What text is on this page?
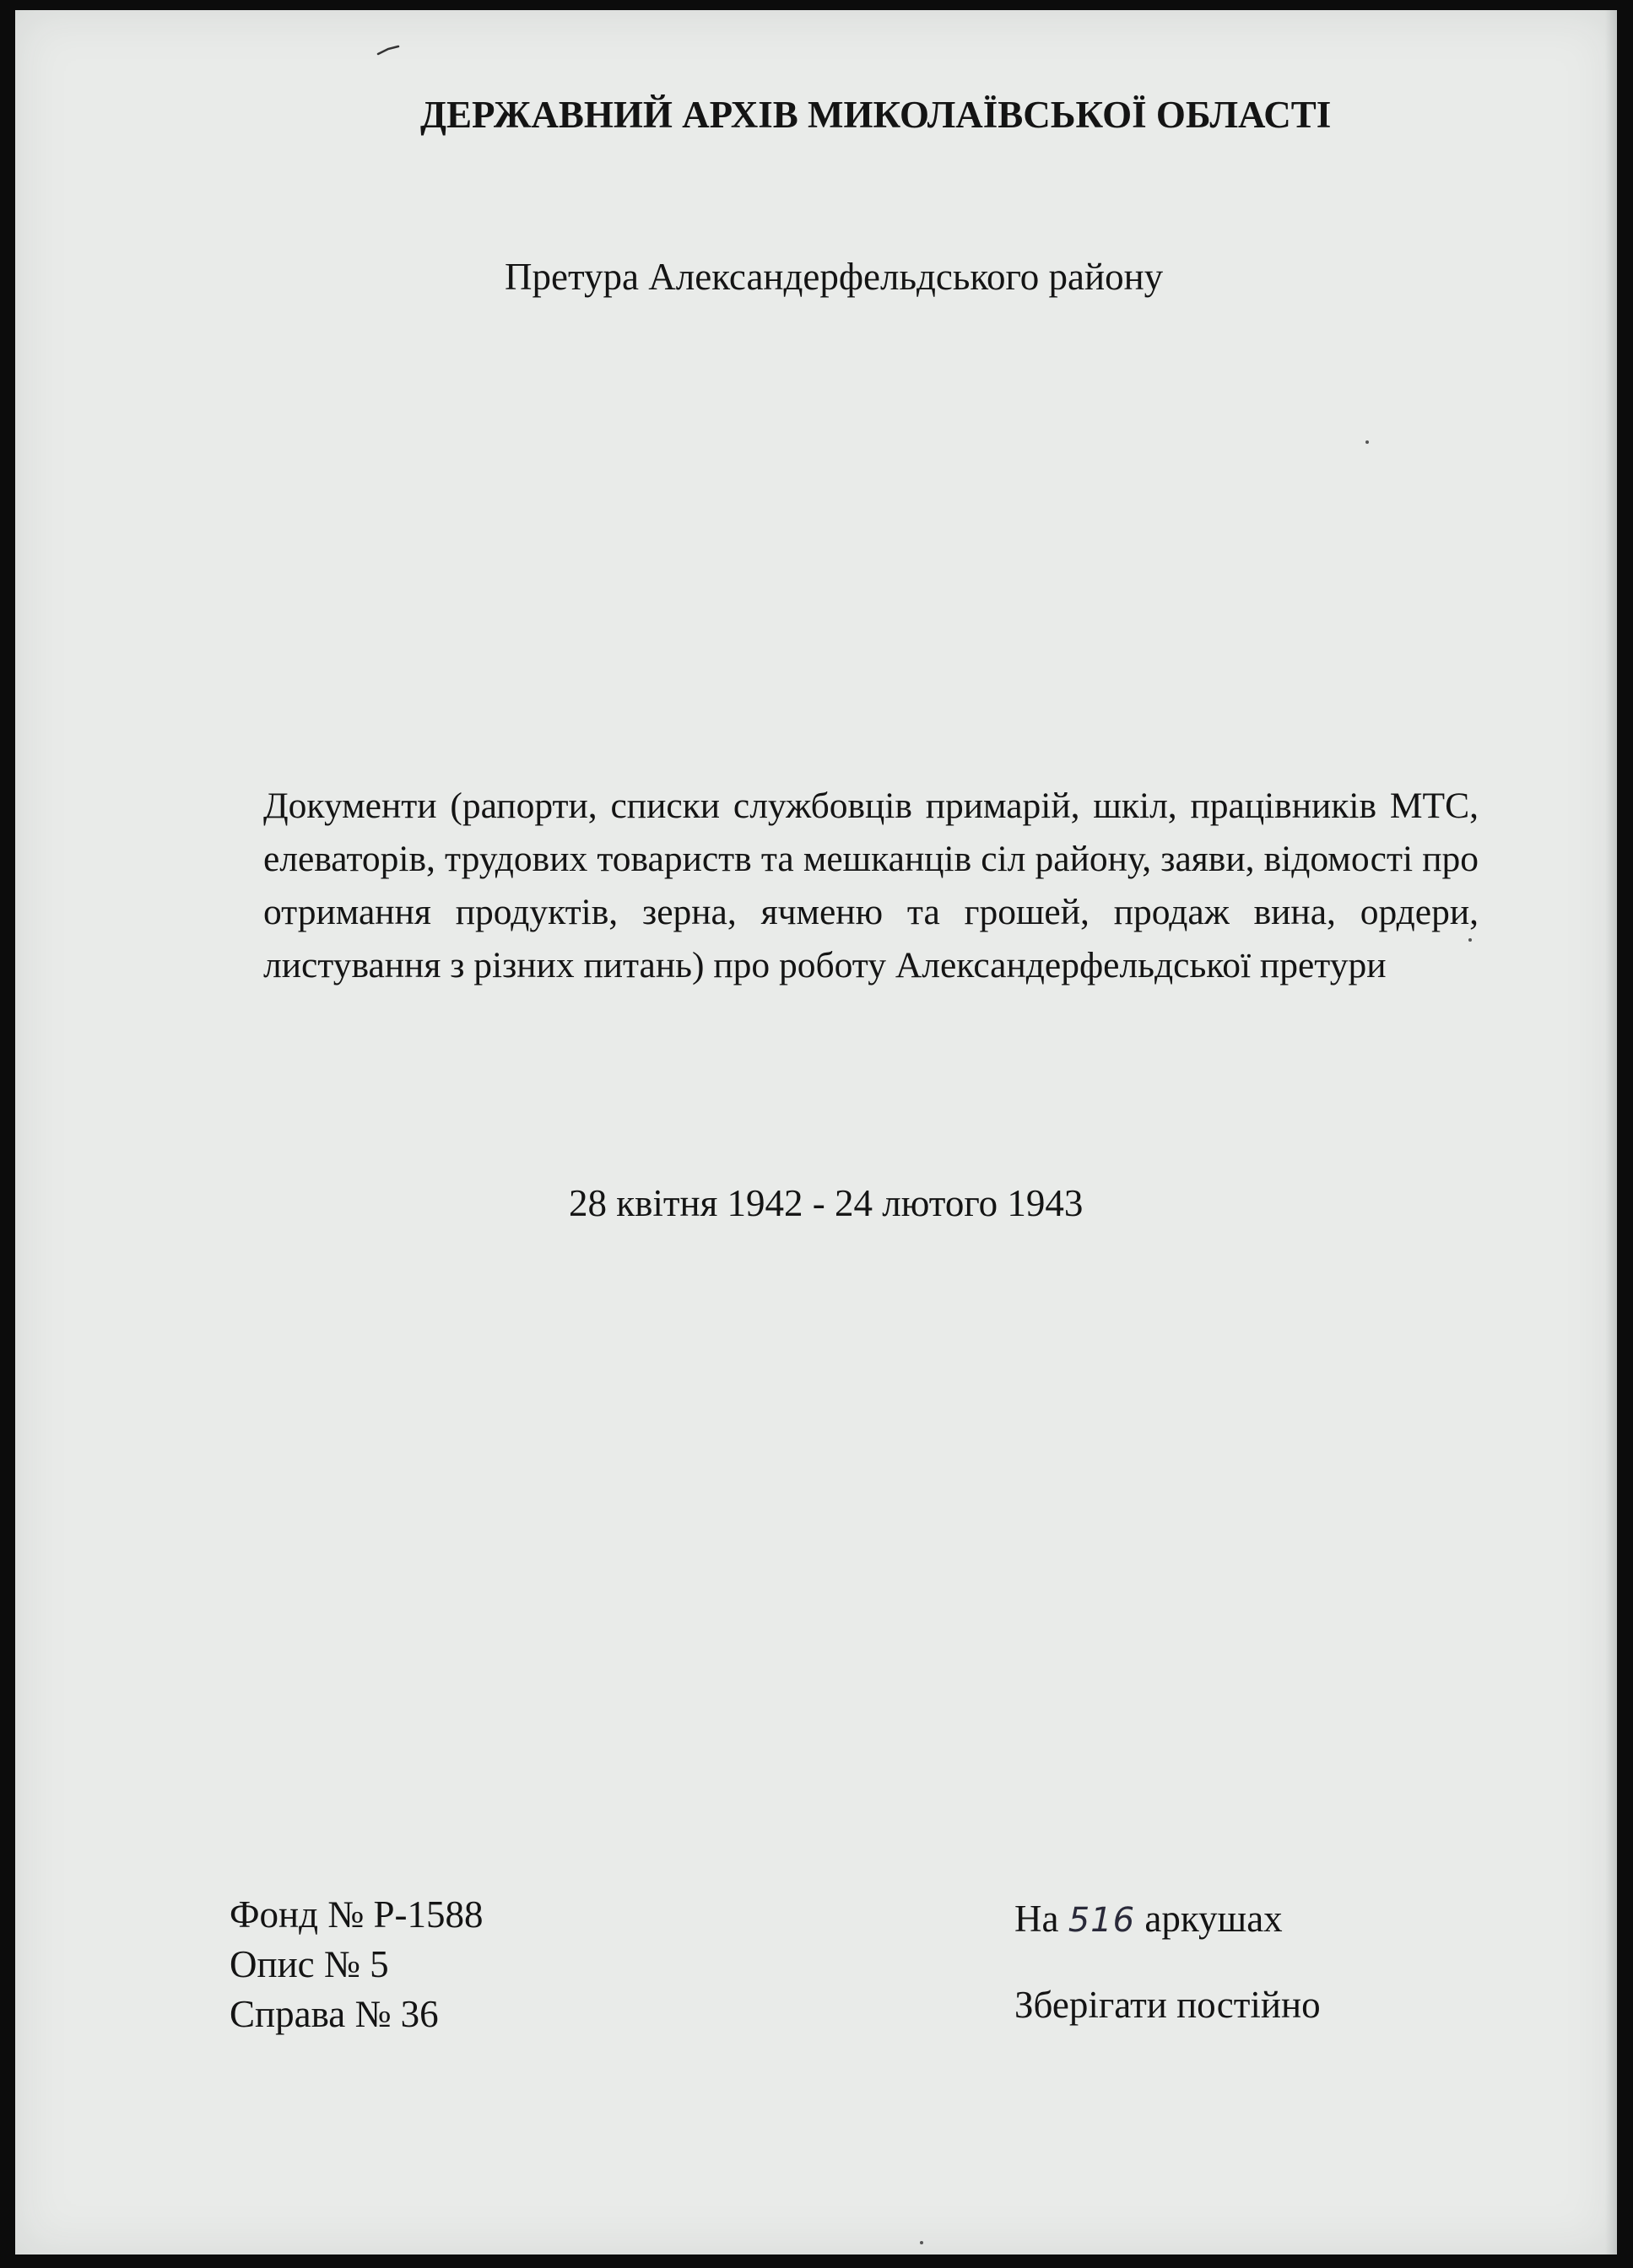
ДЕРЖАВНИЙ АРХІВ МИКОЛАЇВСЬКОЇ ОБЛАСТІ
Претура Александерфельдського району
Документи (рапорти, списки службовців примарій, шкіл, працівників МТС, елеваторів, трудових товариств та мешканців сіл району, заяви, відомості про отримання продуктів, зерна, ячменю та грошей, продаж вина, ордери, листування з різних питань) про роботу Александерфельдської претури
28 квітня 1942 - 24 лютого 1943
Фонд № Р-1588
Опис № 5
Справа № 36
На 516 аркушах
Зберігати постійно
